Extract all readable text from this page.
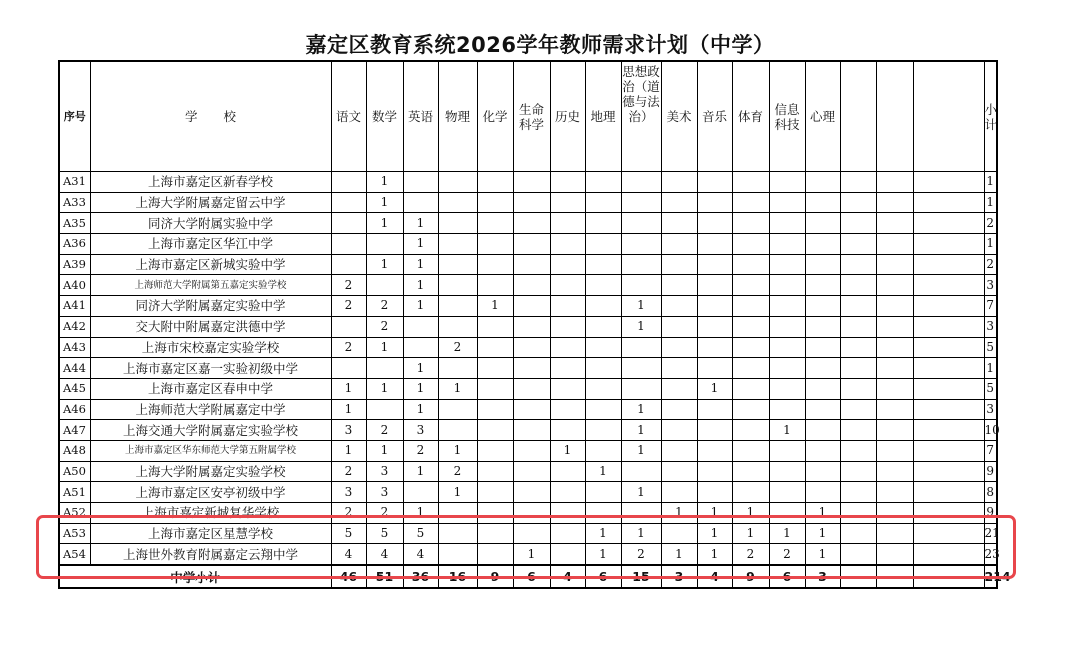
嘉定区教育系统2026学年教师需求计划（中学）
序号	学校	语文	数学	英语	物理	化学	生命科学	历史	地理	思想政治（道德与法治）	美术	音乐	体育	信息科技	心理				小计
A31	上海市嘉定区新春学校		1																1
A33	上海大学附属嘉定留云中学		1																1
A35	同济大学附属实验中学		1	1															2
A36	上海市嘉定区华江中学			1															1
A39	上海市嘉定区新城实验中学		1	1															2
A40	上海师范大学附属第五嘉定实验学校	2		1															3
A41	同济大学附属嘉定实验中学	2	2	1		1				1									7
A42	交大附中附属嘉定洪德中学		2							1									3
A43	上海市宋校嘉定实验学校	2	1		2														5
A44	上海市嘉定区嘉一实验初级中学			1															1
A45	上海市嘉定区春申中学	1	1	1	1							1							5
A46	上海师范大学附属嘉定中学	1		1						1									3
A47	上海交通大学附属嘉定实验学校	3	2	3						1				1					10
A48	上海市嘉定区华东师范大学第五附属学校	1	1	2	1			1		1									7
A50	上海大学附属嘉定实验学校	2	3	1	2				1										9
A51	上海市嘉定区安亭初级中学	3	3		1					1									8
A52	上海市嘉定新城复华学校	2	2	1							1	1	1		1				9
A53	上海市嘉定区星慧学校	5	5	5					1	1		1	1	1	1				21
A54	上海世外教育附属嘉定云翔中学	4	4	4			1		1	2	1	1	2	2	1				23
中学小计		46	51	36	16	9	6	4	6	15	3	4	9	6	3				214
